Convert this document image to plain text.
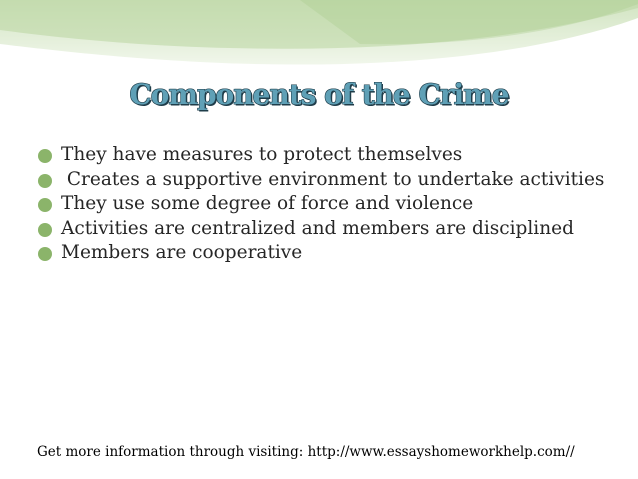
Components of the Crime
They have measures to protect themselves
Creates a supportive environment to undertake activities
They use some degree of force and violence
Activities are centralized and members are disciplined
Members are cooperative
Get more information through visiting: http://www.essayshomeworkhelp.com//
